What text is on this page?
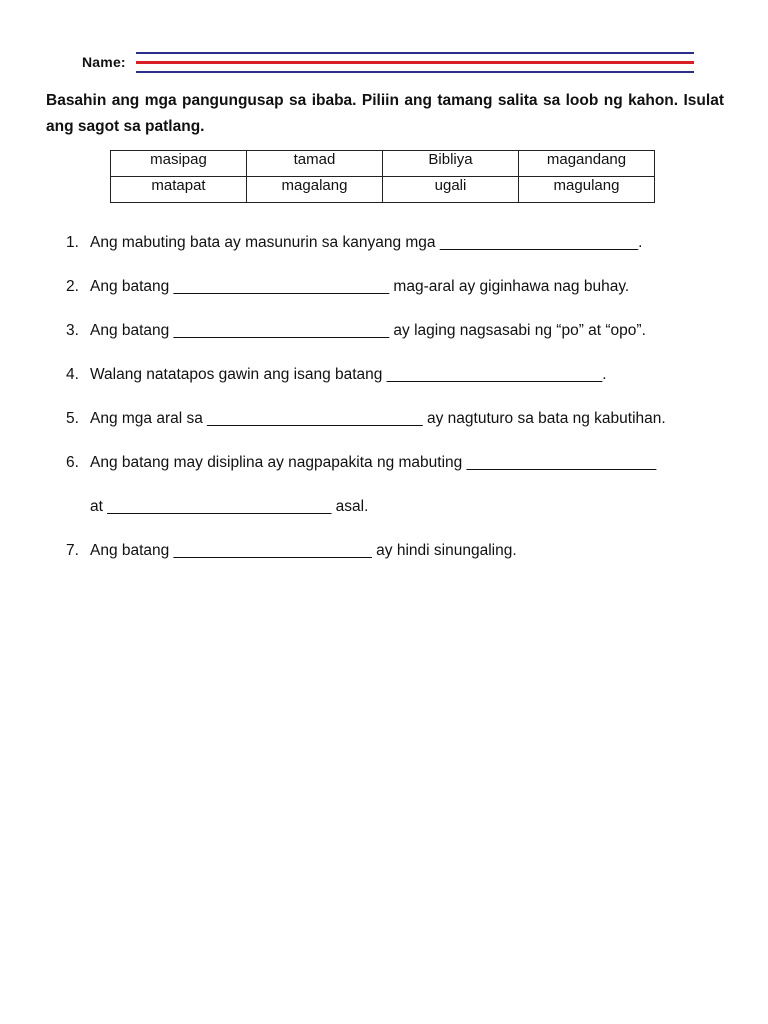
Name:
Basahin ang mga pangungusap sa ibaba. Piliin ang tamang salita sa loob ng kahon. Isulat ang sagot sa patlang.
masipag	tamad	Bibliya	magandang
matapat	magalang	ugali	magulang
1. Ang mabuting bata ay masunurin sa kanyang mga _______________________.
2. Ang batang _________________________ mag-aral ay giginhawa nag buhay.
3. Ang batang _________________________ ay laging nagsasabi ng “po” at “opo”.
4. Walang natatapos gawin ang isang batang _________________________.
5. Ang mga aral sa _________________________ ay nagtuturo sa bata ng kabutihan.
6. Ang batang may disiplina ay nagpapakita ng mabuting ______________________
at __________________________ asal.
7. Ang batang _______________________ ay hindi sinungaling.
